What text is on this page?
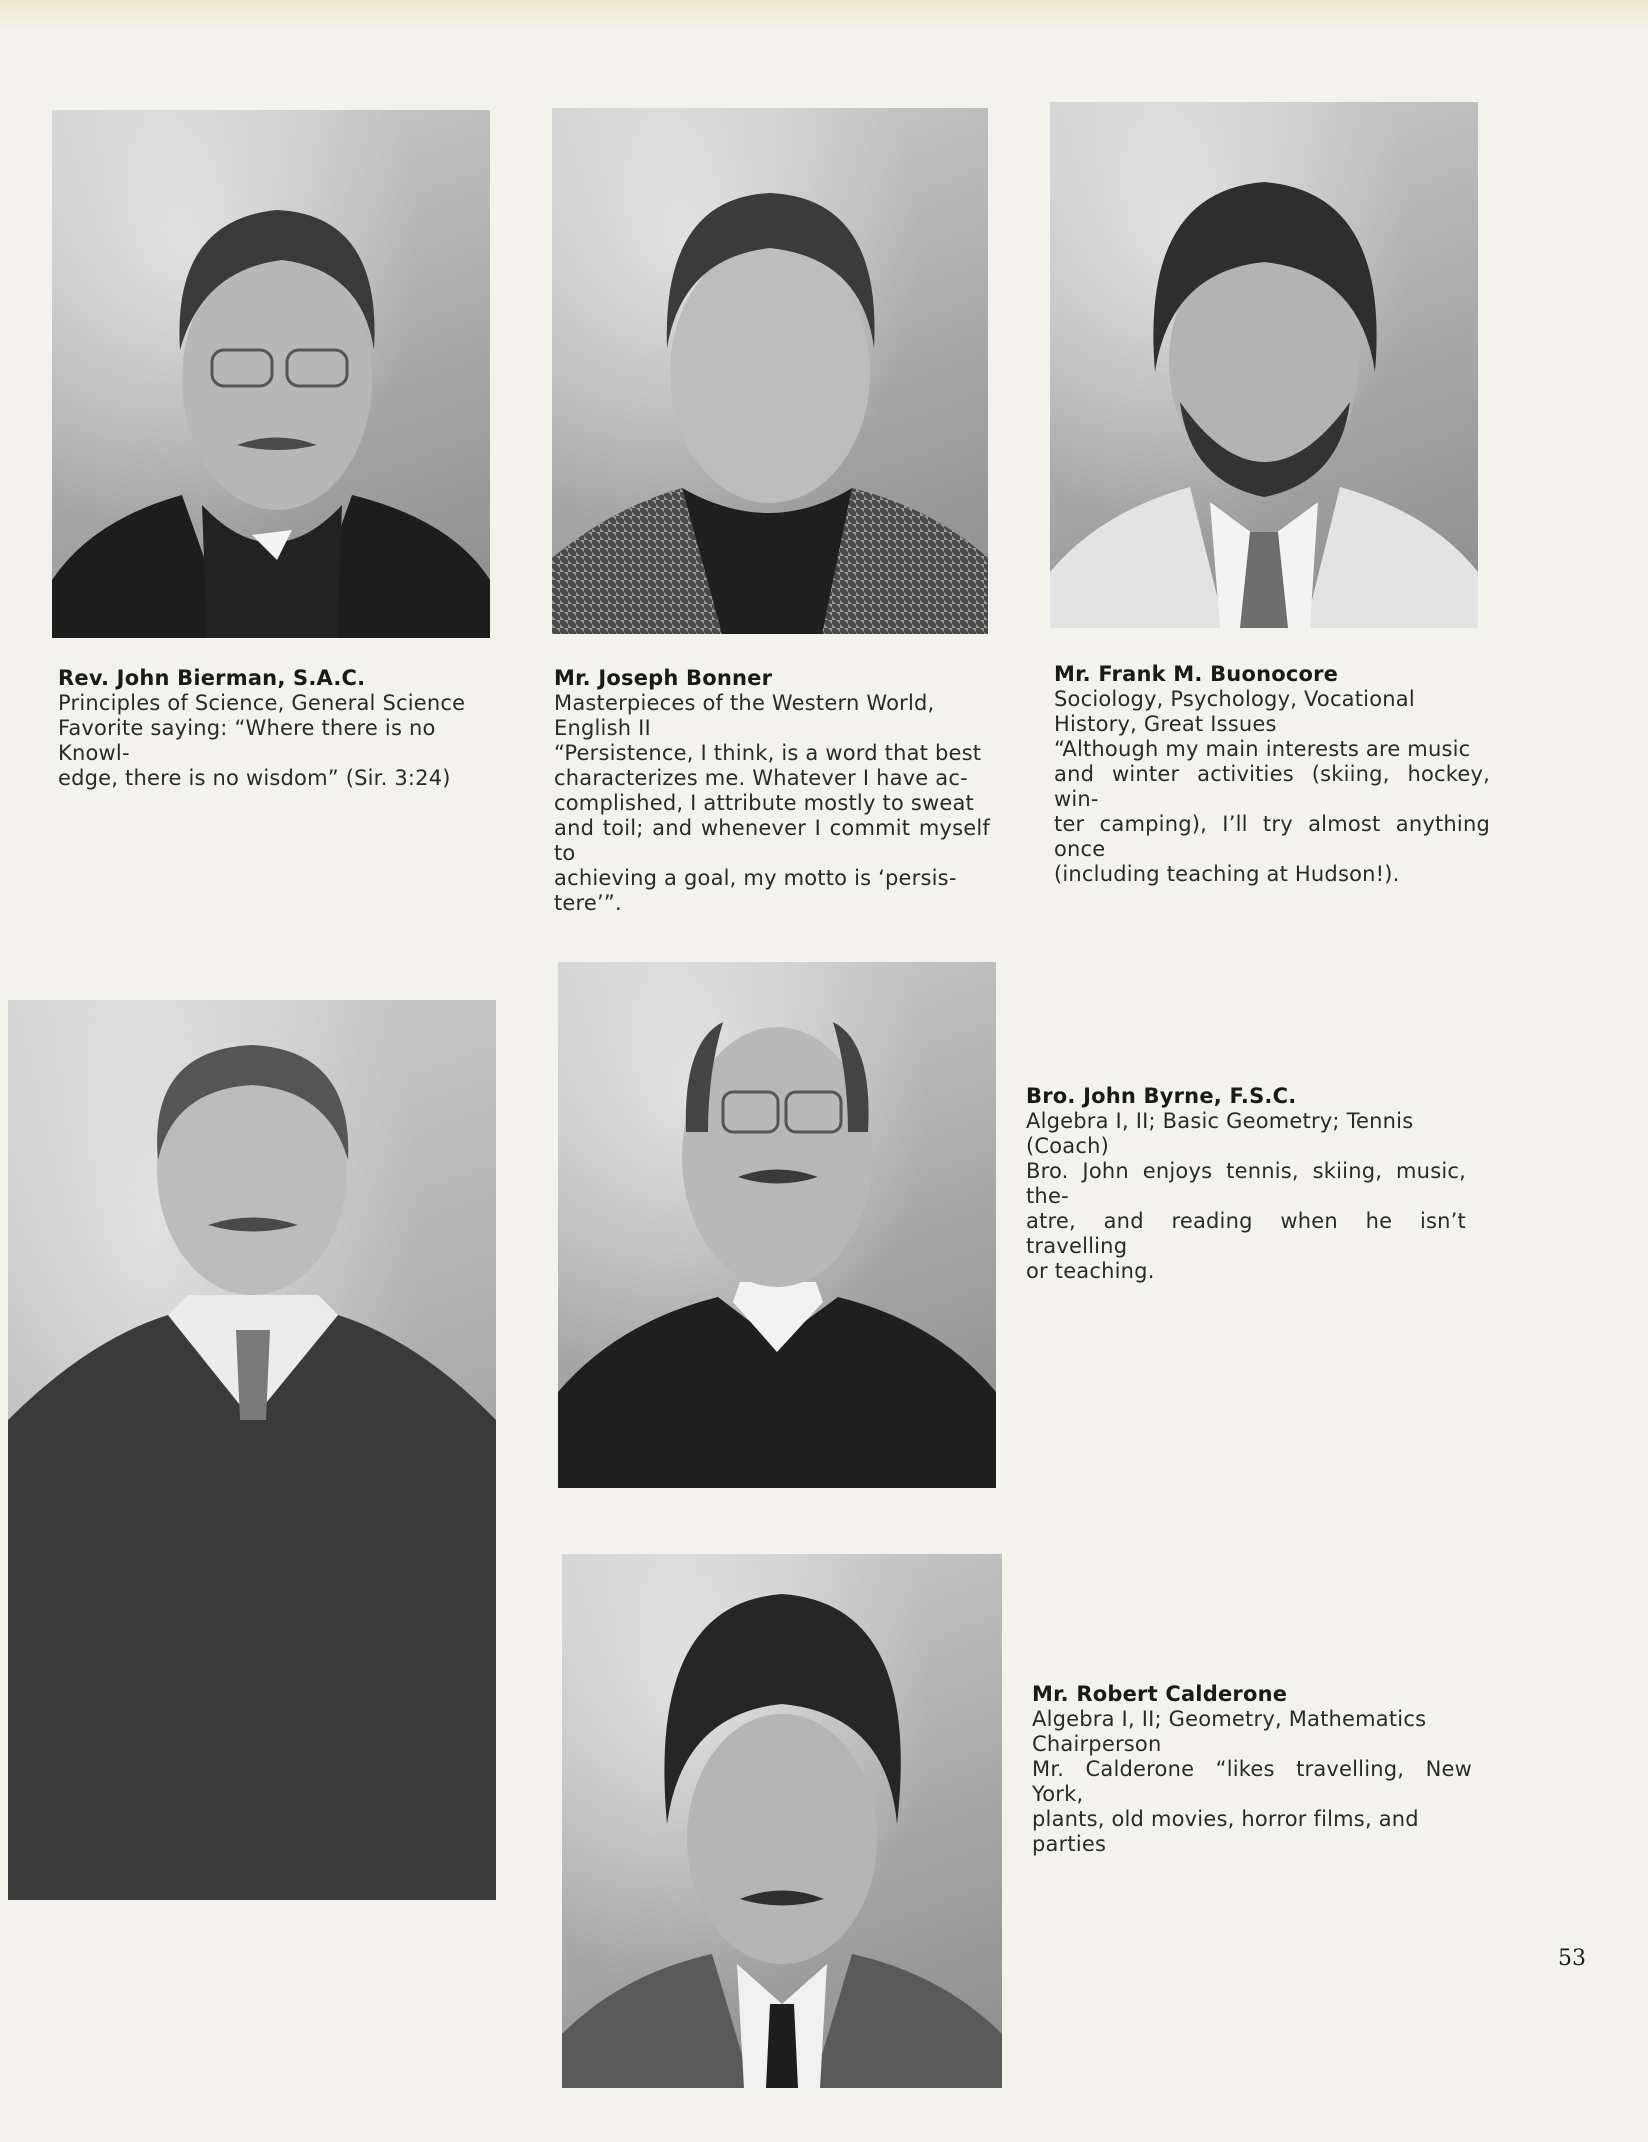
Rev. John Bierman, S.A.C.
Principles of Science, General Science
Favorite saying: “Where there is no Knowl-
edge, there is no wisdom” (Sir. 3:24)
Mr. Joseph Bonner
Masterpieces of the Western World,
English II
“Persistence, I think, is a word that best
characterizes me. Whatever I have ac-
complished, I attribute mostly to sweat
and toil; and whenever I commit myself to
achieving a goal, my motto is ‘persis-
tere’”.
Mr. Frank M. Buonocore
Sociology, Psychology, Vocational
History, Great Issues
“Although my main interests are music
and winter activities (skiing, hockey, win-
ter camping), I’ll try almost anything once
(including teaching at Hudson!).
Bro. John Byrne, F.S.C.
Algebra I, II; Basic Geometry; Tennis
(Coach)
Bro. John enjoys tennis, skiing, music, the-
atre, and reading when he isn’t travelling
or teaching.
Mr. Robert Calderone
Algebra I, II; Geometry, Mathematics
Chairperson
Mr. Calderone “likes travelling, New York,
plants, old movies, horror films, and parties
53
